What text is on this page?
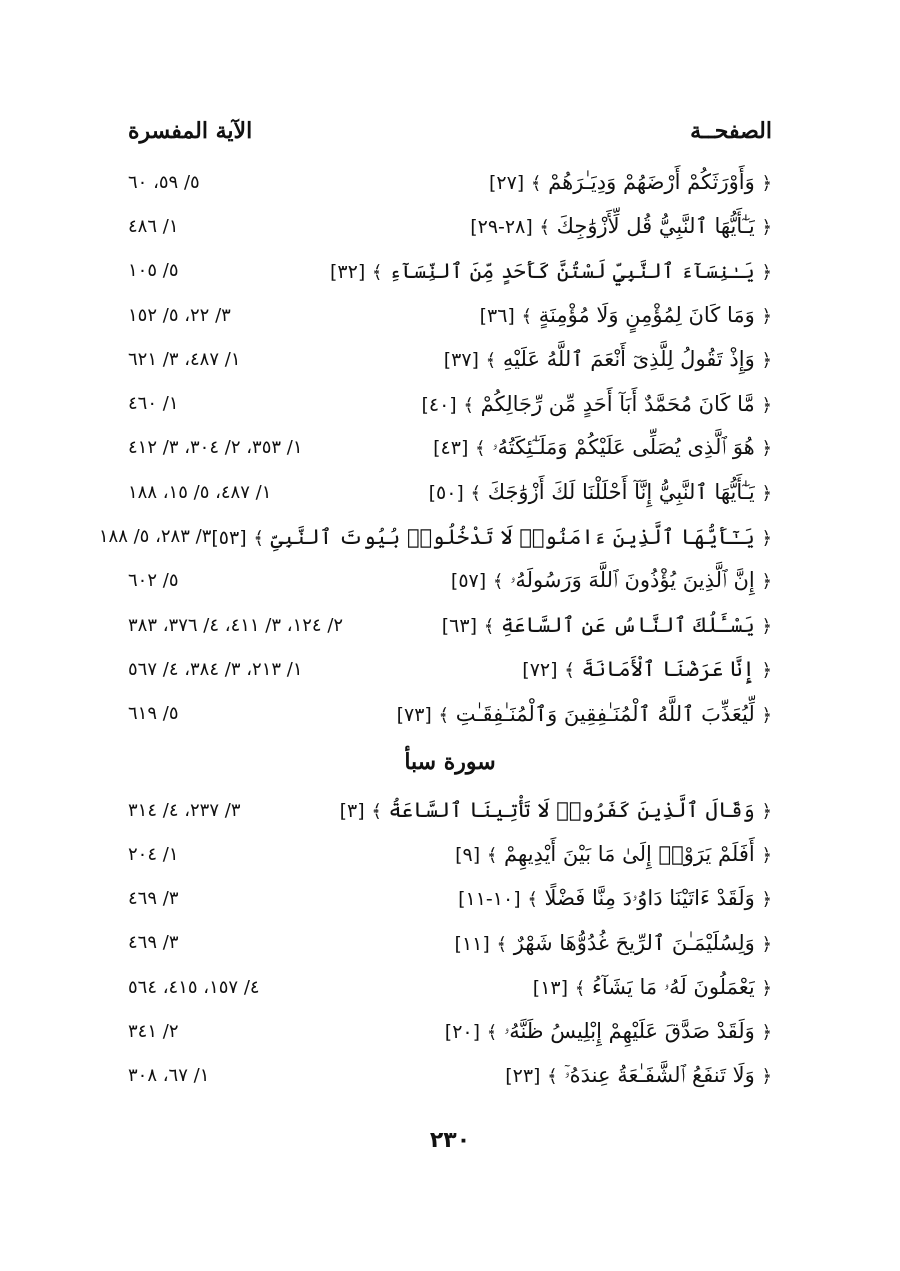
الآية المفسرة	الصفحــة
﴿ وَأَوْرَثَكُمْ أَرْضَهُمْ وَدِيَـٰرَهُمْ ﴾ [٢٧]
٥/ ٥٩، ٦٠
﴿ يَـٰٓأَيُّهَا ٱلنَّبِيُّ قُل لِّأَزْوَٰجِكَ ﴾ [٢٨-٢٩]
١/ ٤٨٦
﴿ يَـٰنِسَآءَ ٱلنَّبِيِّ لَسْتُنَّ كَأَحَدٍ مِّنَ ٱلنِّسَآءِ ﴾ [٣٢]
٥/ ١٠٥
﴿ وَمَا كَانَ لِمُؤْمِنٍ وَلَا مُؤْمِنَةٍ ﴾ [٣٦]
٣/ ٢٢، ٥/ ١٥٢
﴿ وَإِذْ تَقُولُ لِلَّذِىٓ أَنْعَمَ ٱللَّهُ عَلَيْهِ ﴾ [٣٧]
١/ ٤٨٧، ٣/ ٦٢١
﴿ مَّا كَانَ مُحَمَّدٌ أَبَآ أَحَدٍ مِّن رِّجَالِكُمْ ﴾ [٤٠]
١/ ٤٦٠
﴿ هُوَ ٱلَّذِى يُصَلِّى عَلَيْكُمْ وَمَلَـٰٓئِكَتُهُۥ ﴾ [٤٣]
١/ ٣٥٣، ٢/ ٣٠٤، ٣/ ٤١٢
﴿ يَـٰٓأَيُّهَا ٱلنَّبِيُّ إِنَّآ أَحْلَلْنَا لَكَ أَزْوَٰجَكَ ﴾ [٥٠]
١/ ٤٨٧، ٥/ ١٥، ١٨٨
﴿ يَـٰٓأَيُّهَا ٱلَّذِينَ ءَامَنُوا۟ لَا تَدْخُلُوا۟ بُيُوتَ ٱلنَّبِىِّ ﴾ [٥٣]
٣/ ٢٨٣، ٥/ ١٨٨
﴿ إِنَّ ٱلَّذِينَ يُؤْذُونَ ٱللَّهَ وَرَسُولَهُۥ ﴾ [٥٧]
٥/ ٦٠٢
﴿ يَسْـَٔلُكَ ٱلنَّاسُ عَنِ ٱلسَّاعَةِ ﴾ [٦٣]
٢/ ١٢٤، ٣/ ٤١١، ٤/ ٣٧٦، ٣٨٣
﴿ إِنَّا عَرَضْنَا ٱلْأَمَانَةَ ﴾ [٧٢]
١/ ٢١٣، ٣/ ٣٨٤، ٤/ ٥٦٧
﴿ لِّيُعَذِّبَ ٱللَّهُ ٱلْمُنَـٰفِقِينَ وَٱلْمُنَـٰفِقَـٰتِ ﴾ [٧٣]
٥/ ٦١٩
سورة سبأ
﴿ وَقَالَ ٱلَّذِينَ كَفَرُوا۟ لَا تَأْتِينَا ٱلسَّاعَةُ ﴾ [٣]
٣/ ٢٣٧، ٤/ ٣١٤
﴿ أَفَلَمْ يَرَوْا۟ إِلَىٰ مَا بَيْنَ أَيْدِيهِمْ ﴾ [٩]
١/ ٢٠٤
﴿ وَلَقَدْ ءَاتَيْنَا دَاوُۥدَ مِنَّا فَضْلًا ﴾ [١٠-١١]
٣/ ٤٦٩
﴿ وَلِسُلَيْمَـٰنَ ٱلرِّيحَ غُدُوُّهَا شَهْرٌ ﴾ [١١]
٣/ ٤٦٩
﴿ يَعْمَلُونَ لَهُۥ مَا يَشَآءُ ﴾ [١٣]
٤/ ١٥٧، ٤١٥، ٥٦٤
﴿ وَلَقَدْ صَدَّقَ عَلَيْهِمْ إِبْلِيسُ ظَنَّهُۥ ﴾ [٢٠]
٢/ ٣٤١
﴿ وَلَا تَنفَعُ ٱلشَّفَـٰعَةُ عِندَهُۥٓ ﴾ [٢٣]
١/ ٦٧، ٣٠٨
٢٣٠
